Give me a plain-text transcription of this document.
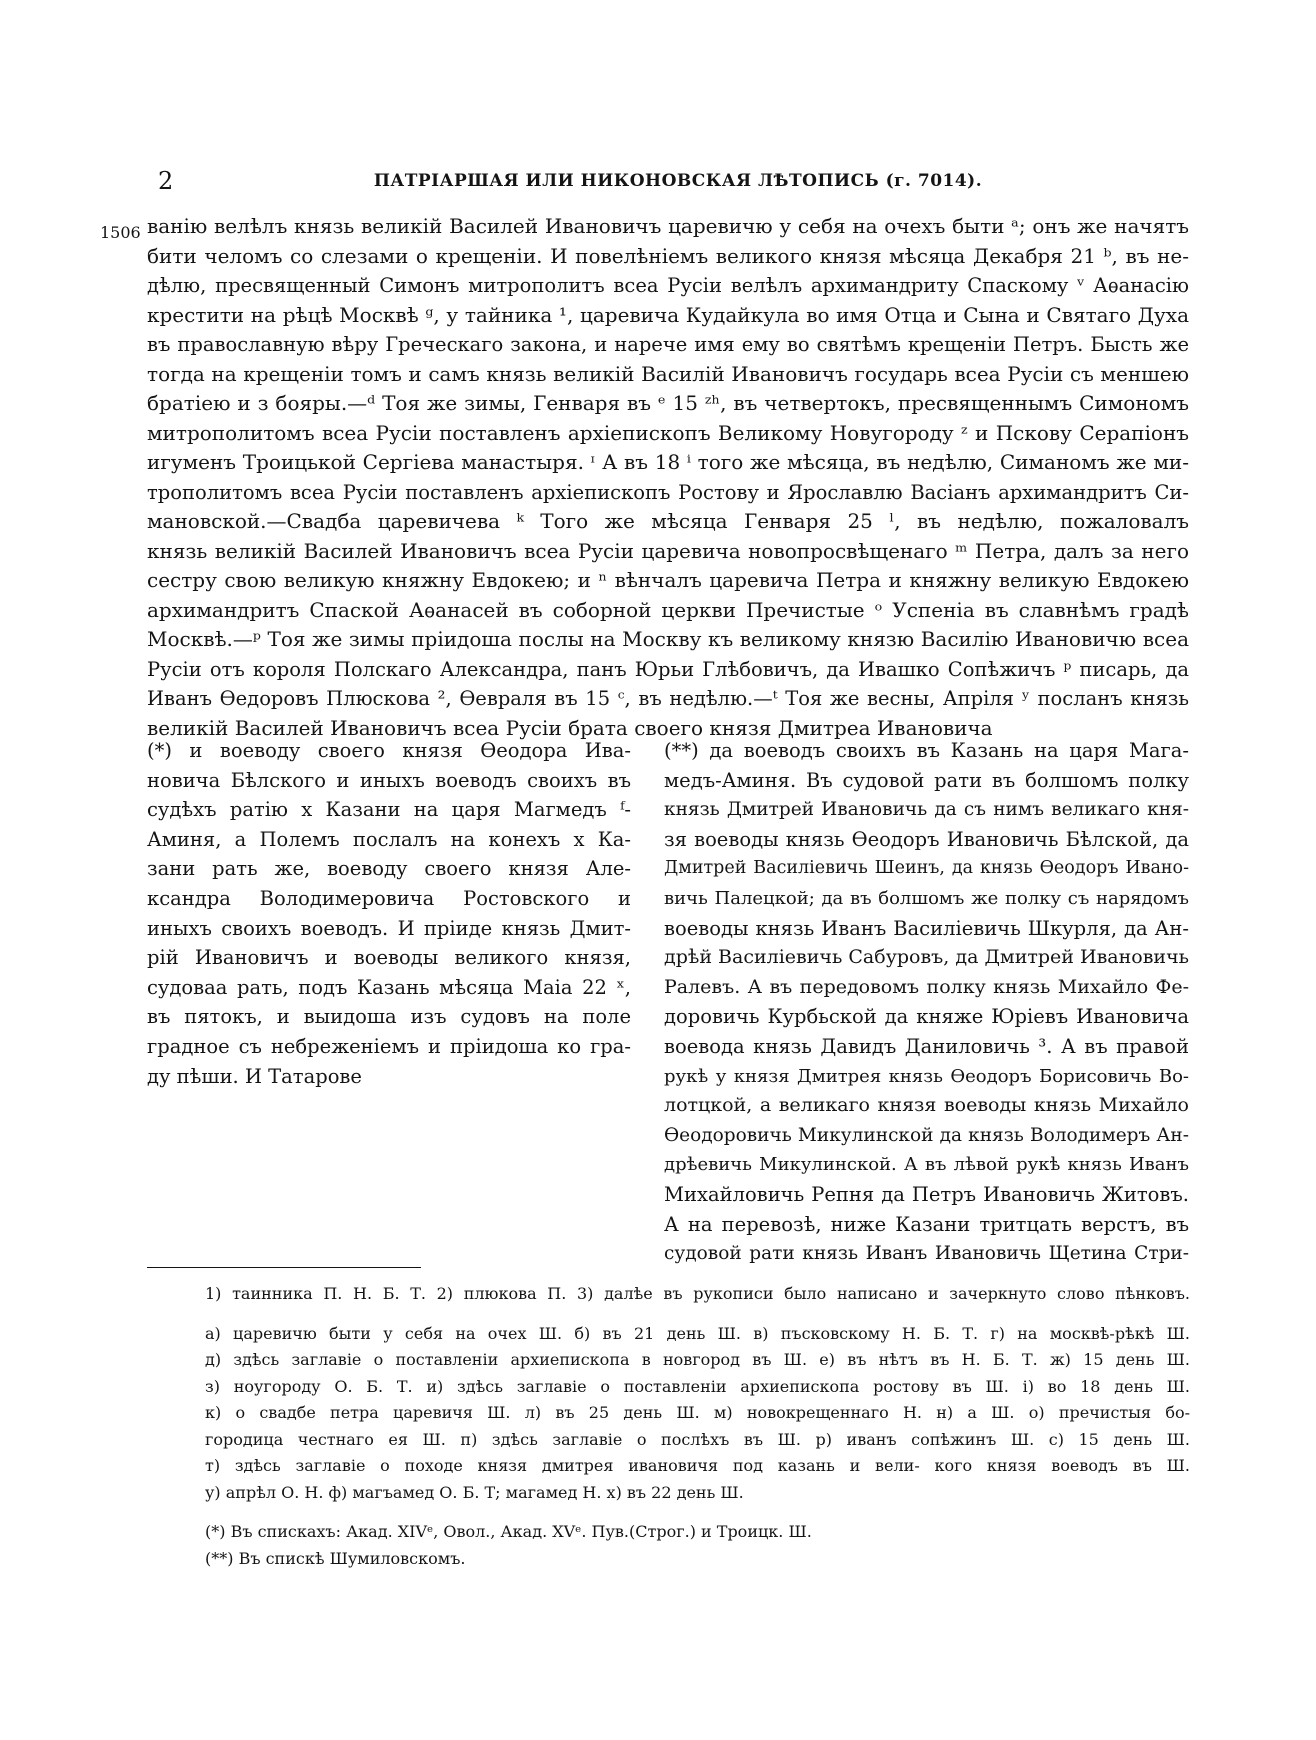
2	ПАТРІАРШАЯ ИЛИ НИКОНОВСКАЯ ЛѢТОПИСЬ (г. 7014).
1506 ванію велѣлъ князь великій Василей Ивановичъ царевичю у себя на очехъ быти ᵃ; онъ же начятъ
бити челомъ со слезами о крещеніи. И повелѣніемъ великого князя мѣсяца Декабря 21 ᵇ, въ не-
дѣлю, пресвященный Симонъ митрополитъ всеа Русіи велѣлъ архимандриту Спаскому ᵛ Аѳанасію
крестити на рѣцѣ Москвѣ ᵍ, у тайника ¹, царевича Кудайкула во имя Отца и Сына и Святаго Духа
въ православную вѣру Греческаго закона, и нарече имя ему во святѣмъ крещеніи Петръ. Бысть же
тогда на крещеніи томъ и самъ князь великій Василій Ивановичъ государь всеа Русіи съ меншею
братіею и з бояры.—ᵈ Тоя же зимы, Генваря въ ᵉ 15 ᶻʰ, въ четвертокъ, пресвященнымъ Симономъ
митрополитомъ всеа Русіи поставленъ архіепископъ Великому Новугороду ᶻ и Пскову Серапіонъ
игуменъ Троицькой Сергіева манастыря. ᶦ А въ 18 ⁱ того же мѣсяца, въ недѣлю, Симаномъ же ми-
трополитомъ всеа Русіи поставленъ архіепископъ Ростову и Ярославлю Васіанъ архимандритъ Си-
мановской.—Свадба царевичева ᵏ Того же мѣсяца Генваря 25 ˡ, въ недѣлю, пожаловалъ
князь великій Василей Ивановичъ всеа Русіи царевича новопросвѣщенаго ᵐ Петра, далъ за него
сестру свою великую княжну Евдокею; и ⁿ вѣнчалъ царевича Петра и княжну великую Евдокею
архимандритъ Спаской Аѳанасей въ соборной церкви Пречистые ᵒ Успеніа въ славнѣмъ градѣ
Москвѣ.—ᵖ Тоя же зимы пріидоша послы на Москву къ великому князю Василію Ивановичю всеа
Русіи отъ короля Полскаго Александра, панъ Юрьи Глѣбовичъ, да Ивашко Сопѣжичъ ᵖ писарь, да
Иванъ Ѳедоровъ Плюскова ², Ѳевраля въ 15 ᶜ, въ недѣлю.—ᵗ Тоя же весны, Апріля ʸ посланъ князь
великій Василей Ивановичъ всеа Русіи брата своего князя Дмитреа Ивановича
(*) и воеводу своего князя Ѳеодора Ива-
новича Бѣлского и иныхъ воеводъ своихъ въ
судѣхъ ратію х Казани на царя Магмедъ ᶠ-
Аминя, а Полемъ послалъ на конехъ х Ка-
зани рать же, воеводу своего князя Але-
ксандра Володимеровича Ростовского и
иныхъ своихъ воеводъ. И пріиде князь Дмит-
рій Ивановичъ и воеводы великого князя,
судоваа рать, подъ Казань мѣсяца Маіа 22 ˣ,
въ пятокъ, и выидоша изъ судовъ на поле
градное съ небреженіемъ и пріидоша ко гра-
ду пѣши. И Татарове
(**) да воеводъ своихъ въ Казань на царя Мага-
медъ-Аминя. Въ судовой рати въ болшомъ полку
князь Дмитрей Ивановичь да съ нимъ великаго кня-
зя воеводы князь Ѳеодоръ Ивановичь Бѣлской, да
Дмитрей Василіевичь Шеинъ, да князь Ѳеодоръ Ивано-
вичь Палецкой; да въ болшомъ же полку съ нарядомъ
воеводы князь Иванъ Василіевичь Шкурля, да Ан-
дрѣй Василіевичь Сабуровъ, да Дмитрей Ивановичь
Ралевъ. А въ передовомъ полку князь Михайло Фе-
доровичь Курбьской да княже Юріевъ Ивановича
воевода князь Давидъ Даниловичь ³. А въ правой
рукѣ у князя Дмитрея князь Ѳеодоръ Борисовичь Во-
лотцкой, а великаго князя воеводы князь Михайло
Ѳеодоровичь Микулинской да князь Володимеръ Ан-
дрѣевичь Микулинской. А въ лѣвой рукѣ князь Иванъ
Михайловичь Репня да Петръ Ивановичь Житовъ.
А на перевозѣ, ниже Казани тритцать верстъ, въ
судовой рати князь Иванъ Ивановичь Щетина Стри-
1) таинника П. Н. Б. Т. 2) плюкова П. 3) далѣе въ рукописи было написано и зачеркнуто слово пѣнковъ.
а) царевичю быти у себя на очех Ш. б) въ 21 день Ш. в) пъсковскому Н. Б. Т. г) на москвѣ-рѣкѣ Ш.
д) здѣсь заглавіе о поставленіи архиепископа в новгород въ Ш. е) въ нѣтъ въ Н. Б. Т. ж) 15 день Ш.
з) ноугороду О. Б. Т. и) здѣсь заглавіе о поставленіи архиепископа ростову въ Ш. і) во 18 день Ш.
к) о свадбе петра царевичя Ш. л) въ 25 день Ш. м) новокрещеннаго Н. н) а Ш. о) пречистыя бо-
городица честнаго ея Ш. п) здѣсь заглавіе о послѣхъ въ Ш. р) иванъ сопѣжинъ Ш. с) 15 день Ш.
т) здѣсь заглавіе о походе князя дмитрея ивановичя под казань и вели- кого князя воеводъ въ Ш.
у) апрѣл О. Н. ф) магъамед О. Б. Т; магамед Н. х) въ 22 день Ш.
(*) Въ спискахъ: Акад. XIVᵉ, Овол., Акад. XVᵉ. Пув.(Строг.) и Троицк. Ш.
(**) Въ спискѣ Шумиловскомъ.
